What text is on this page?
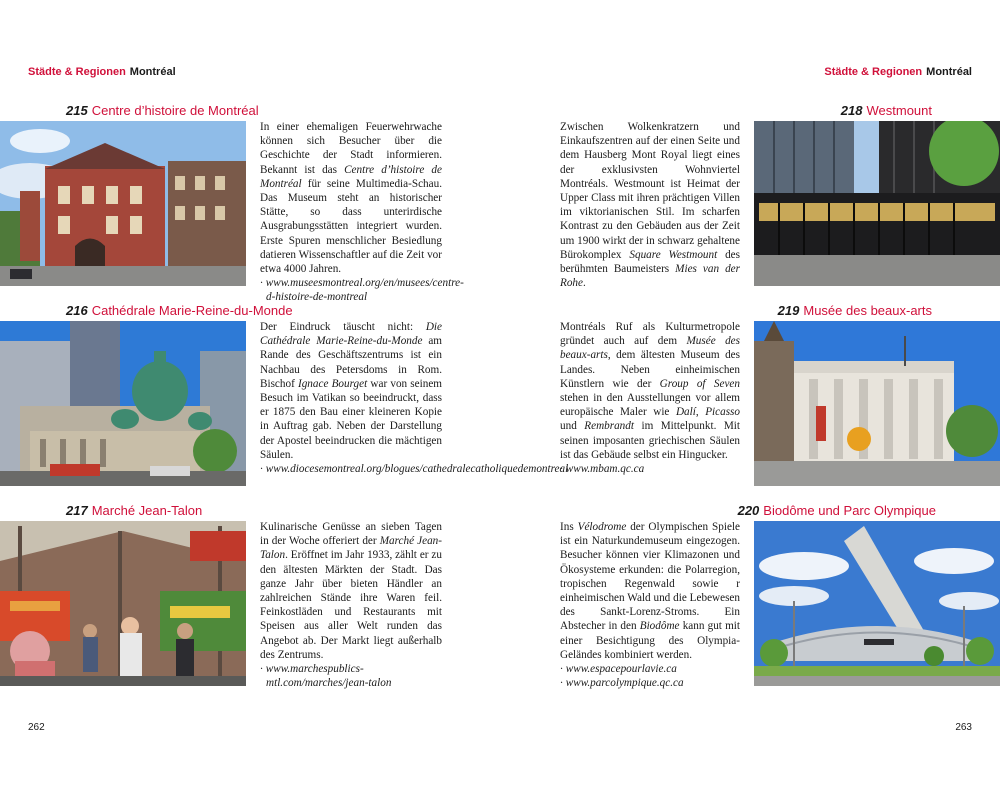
Städte & Regionen Montréal	Städte & Regionen Montréal
215 Centre d’histoire de Montréal
In einer ehemaligen Feuerwehrwache können sich Besucher über die Geschichte der Stadt informieren. Bekannt ist das Centre d’histoire de Montréal für seine Multimedia-Schau. Das Museum steht an historischer Stätte, so dass unterirdische Ausgrabungsstätten integriert wurden. Erste Spuren menschlicher Besiedlung datieren Wissenschaftler auf die Zeit vor etwa 4000 Jahren.
· www.museesmontreal.org/en/musees/centre-d-histoire-de-montreal
216 Cathédrale Marie-Reine-du-Monde
Der Eindruck täuscht nicht: Die Cathédrale Marie-Reine-du-Monde am Rande des Geschäftszentrums ist ein Nachbau des Petersdoms in Rom. Bischof Ignace Bourget war von seinem Besuch im Vatikan so beeindruckt, dass er 1875 den Bau einer kleineren Kopie in Auftrag gab. Neben der Darstellung der Apostel beeindrucken die mächtigen Säulen.
· www.diocesemontreal.org/blogues/cathedralecatholiquedemontreal
217 Marché Jean-Talon
Kulinarische Genüsse an sieben Tagen in der Woche offeriert der Marché Jean-Talon. Eröffnet im Jahr 1933, zählt er zu den ältesten Märkten der Stadt. Das ganze Jahr über bieten Händler an zahlreichen Stände ihre Waren feil. Feinkostläden und Restaurants mit Speisen aus aller Welt runden das Angebot ab. Der Markt liegt außerhalb des Zentrums.
· www.marchespublics-mtl.com/marches/jean-talon
218 Westmount
Zwischen Wolkenkratzern und Einkaufszentren auf der einen Seite und dem Hausberg Mont Royal liegt eines der exklusivsten Wohnviertel Montréals. Westmount ist Heimat der Upper Class mit ihren prächtigen Villen im viktorianischen Stil. Im scharfen Kontrast zu den Gebäuden aus der Zeit um 1900 wirkt der in schwarz gehaltene Bürokomplex Square Westmount des berühmten Baumeisters Mies van der Rohe.
219 Musée des beaux-arts
Montréals Ruf als Kulturmetropole gründet auch auf dem Musée des beaux-arts, dem ältesten Museum des Landes. Neben einheimischen Künstlern wie der Group of Seven stehen in den Ausstellungen vor allem europäische Maler wie Dalí, Picasso und Rembrandt im Mittelpunkt. Mit seinen imposanten griechischen Säulen ist das Gebäude selbst ein Hingucker.
· www.mbam.qc.ca
220 Biodôme und Parc Olympique
Ins Vélodrome der Olympischen Spiele ist ein Naturkundemuseum eingezogen. Besucher können vier Klimazonen und Ökosysteme erkunden: die Polarregion, tropischen Regenwald sowie r einheimischen Wald und die Lebewesen des Sankt-Lorenz-Stroms. Ein Abstecher in den Biodôme kann gut mit einer Besichtigung des Olympia-Geländes kombiniert werden.
· www.espacepourlavie.ca
· www.parcolympique.qc.ca
262	263
